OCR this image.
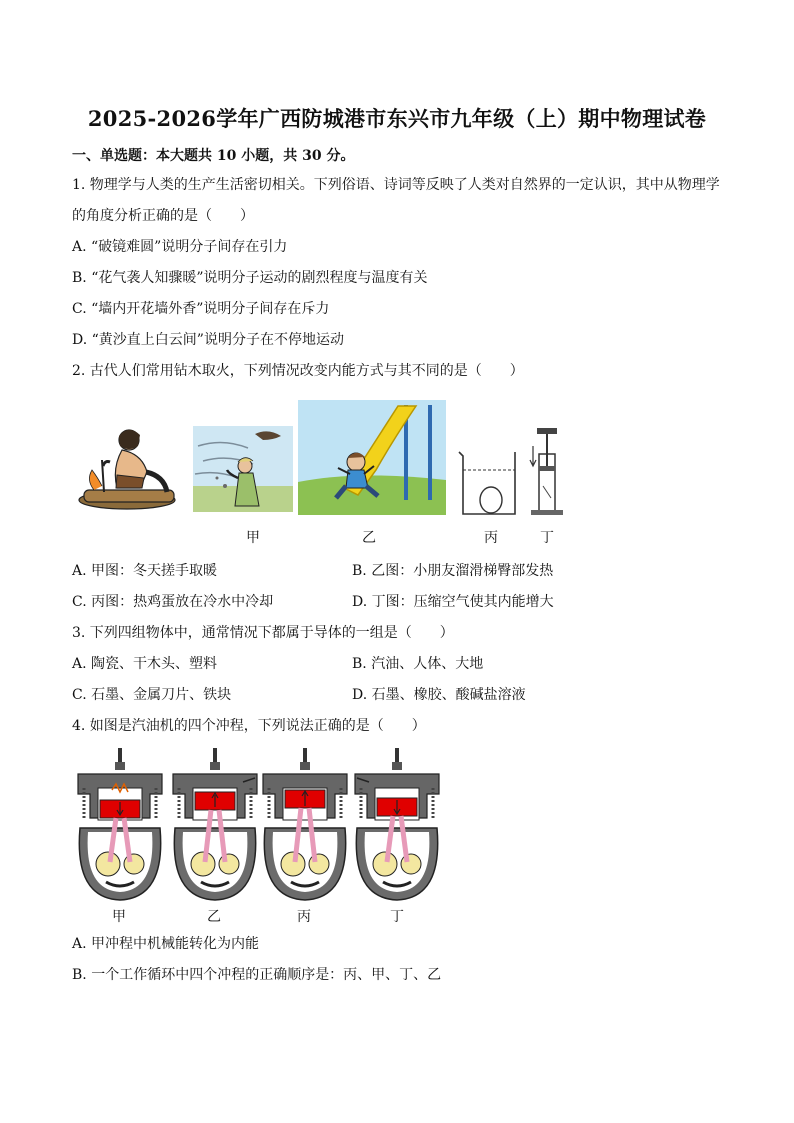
2025-2026学年广西防城港市东兴市九年级（上）期中物理试卷
一、单选题：本大题共 10 小题，共 30 分。
1. 物理学与人类的生产生活密切相关。下列俗语、诗词等反映了人类对自然界的一定认识，其中从物理学
的角度分析正确的是（　　）
A. “破镜难圆”说明分子间存在引力
B. “花气袭人知骤暖”说明分子运动的剧烈程度与温度有关
C. “墙内开花墙外香”说明分子间存在斥力
D. “黄沙直上白云间”说明分子在不停地运动
2. 古代人们常用钻木取火，下列情况改变内能方式与其不同的是（　　）
甲	乙	丙	丁
A. 甲图：冬天搓手取暖	B. 乙图：小朋友溜滑梯臀部发热
C. 丙图：热鸡蛋放在冷水中冷却	D. 丁图：压缩空气使其内能增大
3. 下列四组物体中，通常情况下都属于导体的一组是（　　）
A. 陶瓷、干木头、塑料	B. 汽油、人体、大地
C. 石墨、金属刀片、铁块	D. 石墨、橡胶、酸碱盐溶液
4. 如图是汽油机的四个冲程，下列说法正确的是（　　）
甲	乙	丙	丁
A. 甲冲程中机械能转化为内能
B. 一个工作循环中四个冲程的正确顺序是：丙、甲、丁、乙
